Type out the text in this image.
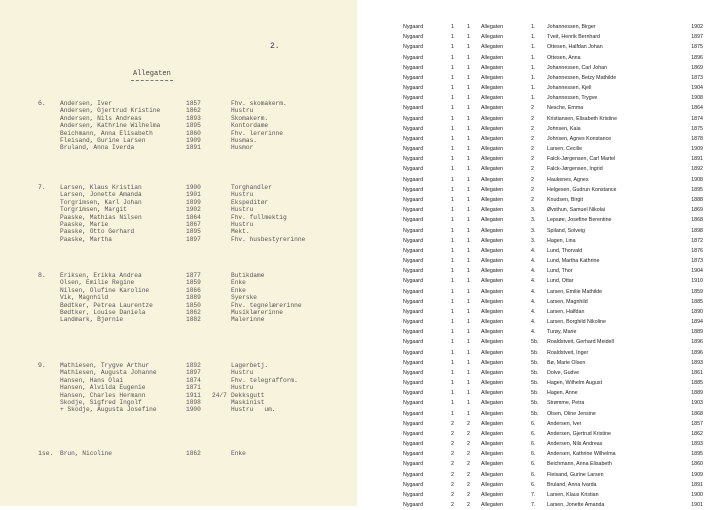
2.
Allegaten
6.	Andersen, Iver	1857	Fhv. skomakerm.
Andersen, Gjertrud Kristine	1862	Hustru
Andersen, Nils Andreas	1893	Skomakerm.
Andersen, Kathrine Wilhelma	1895	Kontordame
Beichmann, Anna Elisabeth	1860	Fhv. lererinne
Fleisand, Gurine Larsen	1909	Husmas.
Bruland, Anna Iverda	1891	Husmor
7.	Larsen, Klaus Kristian	1900	Torghandler
Larsen, Jonette Amanda	1901	Hustru
Torgrimsen, Karl Johan	1899	Ekspeditør
Torgrimsen, Margit	1902	Hustru
Paaske, Mathias Nilsen	1864	Fhv. fullmektig
Paaske, Marie	1867	Hustru
Paaske, Otto Gerhard	1895	Mekt.
Paaske, Martha	1897	Fhv. husbestyrerinne
8.	Eriksen, Erikka Andrea	1877	Butikdame
Olsen, Emilie Regine	1859	Enke
Nilsen, Olufine Karoline	1866	Enke
Vik, Magnhild	1889	Syerske
Bødtker, Petrea Laurentze	1850	Fhv. tegnelærerinne
Bødtker, Louise Daniela	1862	Musiklærerinne
Landmark, Bjørnie	1882	Malerinne
9.	Mathiesen, Trygve Arthur	1892	Lagerbetj.
Mathiesen, Augusta Johanne	1897	Hustru
Hansen, Hans Olai	1874	Fhv. telegrafform.
Hansen, Alvilda Eugenie	1871	Hustru
Hansen, Charles Hermann	1911	24/7 Dekksgutt
Skodje, Sigfred Ingolf	1898	Maskinist
+ Skodje, Augusta Josefine	1900	Hustru   um.
1se.	Brun, Nicoline	1862	Enke
Nygaard	1	1	Allegaten	1.	Johannessen, Birger	1902
Nygaard	1	1	Allegaten	1.	Tveit, Henrik Bernhard	1897
Nygaard	1	1	Allegaten	1.	Ottesen, Halfdan Johan	1875
Nygaard	1	1	Allegaten	1.	Ottesen, Anna	1896
Nygaard	1	1	Allegaten	1.	Johannessen, Carl Johan	1869
Nygaard	1	1	Allegaten	1.	Johannessen, Betzy Mathilde	1873
Nygaard	1	1	Allegaten	1.	Johannessen, Kjell	1904
Nygaard	1	1	Allegaten	1.	Johannessen, Trygve	1908
Nygaard	1	1	Allegaten	2	Nesche, Emma	1864
Nygaard	1	1	Allegaten	2	Kristiansen, Elisabeth Kristine	1874
Nygaard	1	1	Allegaten	2	Johnsen, Kaia	1875
Nygaard	1	1	Allegaten	2	Johnsen, Agnes Konstance	1878
Nygaard	1	1	Allegaten	2	Larsen, Cecilie	1909
Nygaard	1	1	Allegaten	2	Falck-Jørgensen, Carl Martel	1891
Nygaard	1	1	Allegaten	2	Falck-Jørgensen, Ingrid	1892
Nygaard	1	1	Allegaten	2	Haukenes, Agnes	1908
Nygaard	1	1	Allegaten	2	Helgesen, Gudrun Konstance	1895
Nygaard	1	1	Allegaten	2	Knudsen, Birgit	1888
Nygaard	1	1	Allegaten	3.	Øvsthun, Samuel Nikolai	1869
Nygaard	1	1	Allegaten	3.	Lepsøe, Josefine Berentine	1868
Nygaard	1	1	Allegaten	3.	Spiland, Solveig	1898
Nygaard	1	1	Allegaten	3.	Hagen, Lina	1872
Nygaard	1	1	Allegaten	4.	Lund, Thorvald	1876
Nygaard	1	1	Allegaten	4.	Lund, Martha Kathrine	1873
Nygaard	1	1	Allegaten	4.	Lund, Thor	1904
Nygaard	1	1	Allegaten	4.	Lund, Ottar	1910
Nygaard	1	1	Allegaten	4.	Larsen, Emilie Mathilde	1859
Nygaard	1	1	Allegaten	4.	Larsen, Magnhild	1885
Nygaard	1	1	Allegaten	4.	Larsen, Halfdan	1890
Nygaard	1	1	Allegaten	4.	Larsen, Borghild Nikoline	1894
Nygaard	1	1	Allegaten	4.	Turøy, Marie	1889
Nygaard	1	1	Allegaten	5b.	Roaldstveit, Gerhard Meidell	1896
Nygaard	1	1	Allegaten	5b.	Roaldstveit, Inger	1896
Nygaard	1	1	Allegaten	5b.	Bø, Marie Olsen	1893
Nygaard	1	1	Allegaten	5b.	Dolve, Gudve	1861
Nygaard	1	1	Allegaten	5b.	Hagen, Wilhelm August	1885
Nygaard	1	1	Allegaten	5b.	Hagen, Anne	1889
Nygaard	1	1	Allegaten	5b.	Strømme, Petra	1903
Nygaard	1	1	Allegaten	5b.	Olsen, Oline Jensine	1868
Nygaard	2	2	Allegaten	6.	Andersen, Iver	1857
Nygaard	2	2	Allegaten	6.	Andersen, Gjertrud Kristine	1862
Nygaard	2	2	Allegaten	6.	Andersen, Nils Andreas	1893
Nygaard	2	2	Allegaten	6.	Andersen, Kathrine Wilhelma	1895
Nygaard	2	2	Allegaten	6.	Beichmann, Anna Elisabeth	1860
Nygaard	2	2	Allegaten	6.	Fleisand, Gurine Larsen	1909
Nygaard	2	2	Allegaten	6.	Bruland, Anna Ivarda	1891
Nygaard	2	2	Allegaten	7.	Larsen, Klaus Kristian	1900
Nygaard	2	2	Allegaten	7.	Larsen, Jonette Amanda	1901
